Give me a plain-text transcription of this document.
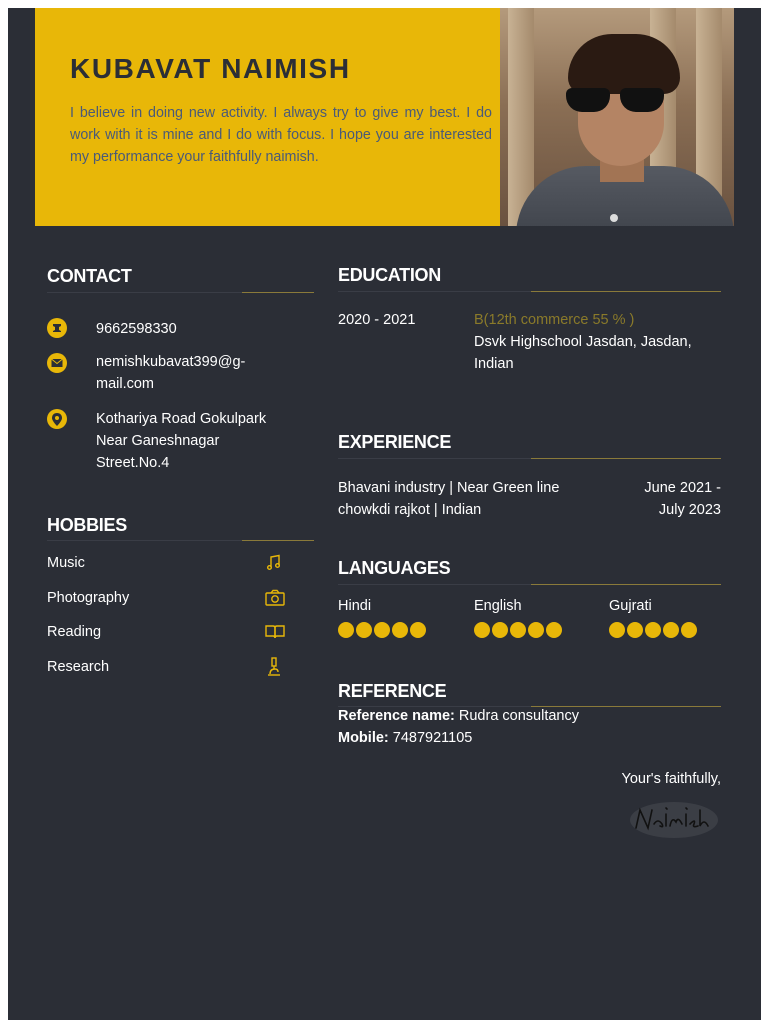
KUBAVAT NAIMISH
I believe in doing new activity. I always try to give my best. I do work with it is mine and I do with focus. I hope you are interested my performance your faithfully naimish.
CONTACT
9662598330
nemishkubavat399@g-
mail.com
Kothariya Road Gokulpark
Near Ganeshnagar
Street.No.4
HOBBIES
Music
Photography
Reading
Research
EDUCATION
2020 - 2021	B(12th commerce 55 % )
Dsvk Highschool Jasdan, Jasdan, Indian
EXPERIENCE
Bhavani industry | Near Green line chowkdi rajkot | Indian
June 2021 -
July 2023
LANGUAGES
Hindi	English	Gujrati
REFERENCE
Reference name: Rudra consultancy
Mobile: 7487921105
Your's faithfully,
